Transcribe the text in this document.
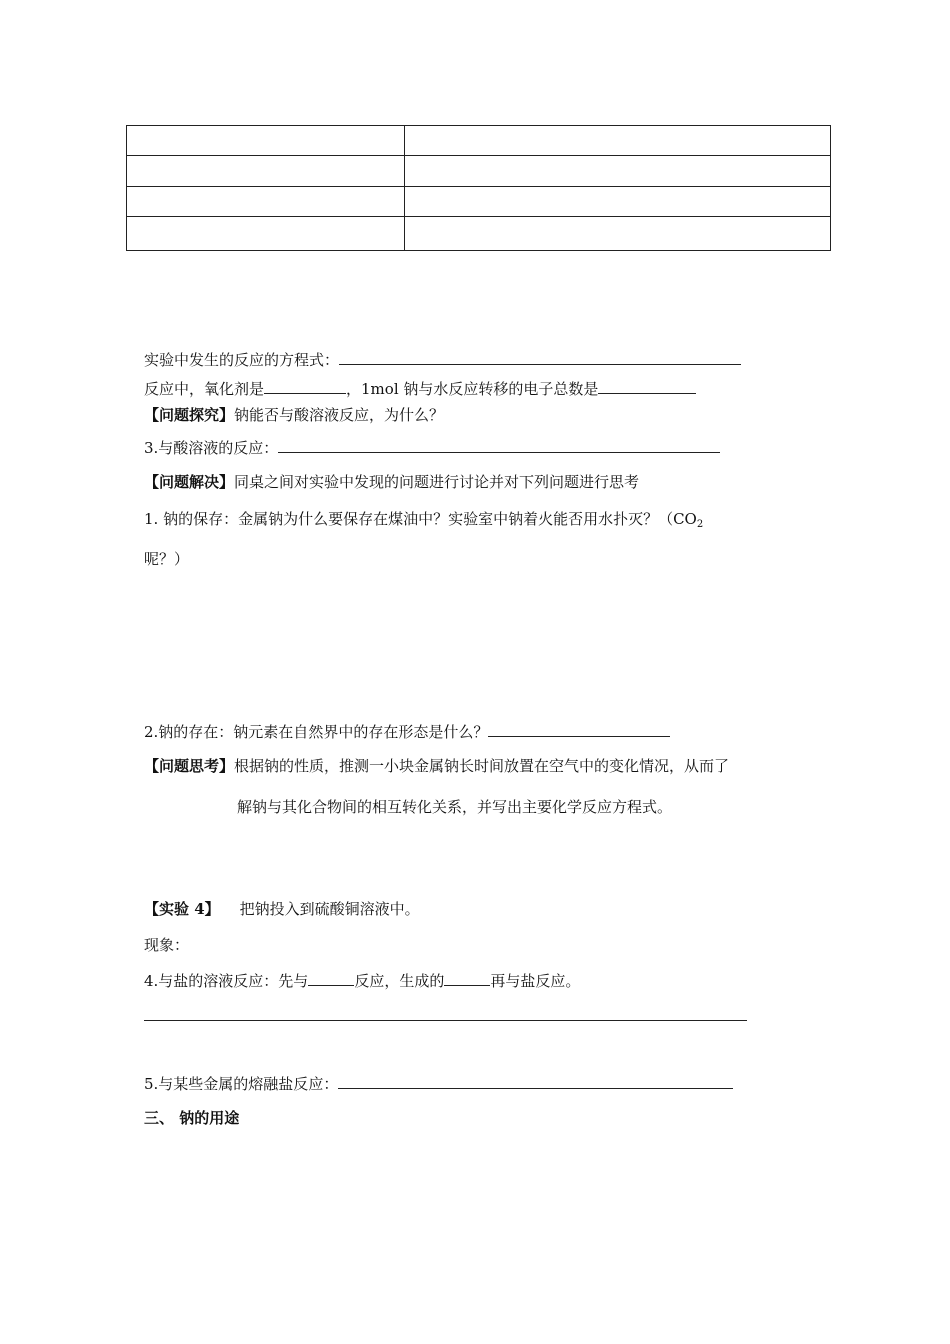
实验中发生的反应的方程式：
反应中，氧化剂是	，1mol 钠与水反应转移的电子总数是
【问题探究】钠能否与酸溶液反应，为什么？
3.与酸溶液的反应：
【问题解决】同桌之间对实验中发现的问题进行讨论并对下列问题进行思考
1. 钠的保存：金属钠为什么要保存在煤油中？实验室中钠着火能否用水扑灭？（$CO_2$
呢？）
2.钠的存在：钠元素在自然界中的存在形态是什么？
【问题思考】根据钠的性质，推测一小块金属钠长时间放置在空气中的变化情况，从而了
解钠与其化合物间的相互转化关系，并写出主要化学反应方程式。
【实验 4】 把钠投入到硫酸铜溶液中。
现象：
4.与盐的溶液反应：先与	反应，生成的	再与盐反应。
5.与某些金属的熔融盐反应：
三、 钠的用途
